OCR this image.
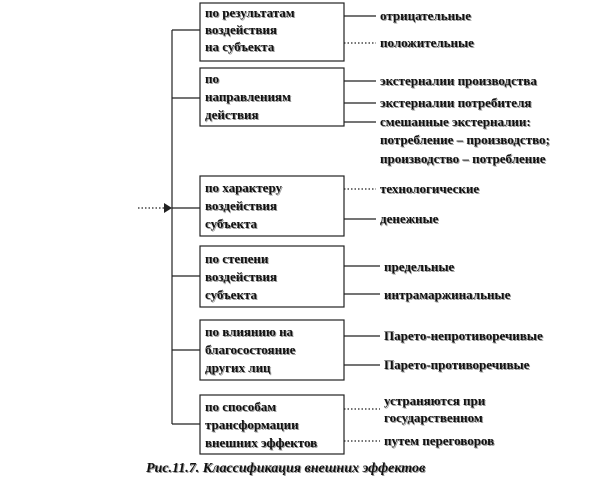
по результатам
воздействия
на субъекта
по
направлениям
действия
по характеру
воздействия
субъекта
по степени
воздействия
субъекта
по влиянию на
благосостояние
других лиц
по способам
трансформации
внешних эффектов
отрицательные
положительные
экстерналии производства
экстерналии потребителя
смешанные экстерналии:
потребление – производство;
производство – потребление
технологические
денежные
предельные
интрамаржинальные
Парето-непротиворечивые
Парето-противоречивые
устраняются при
государственном
путем переговоров
Рис.11.7. Классификация внешних эффектов
